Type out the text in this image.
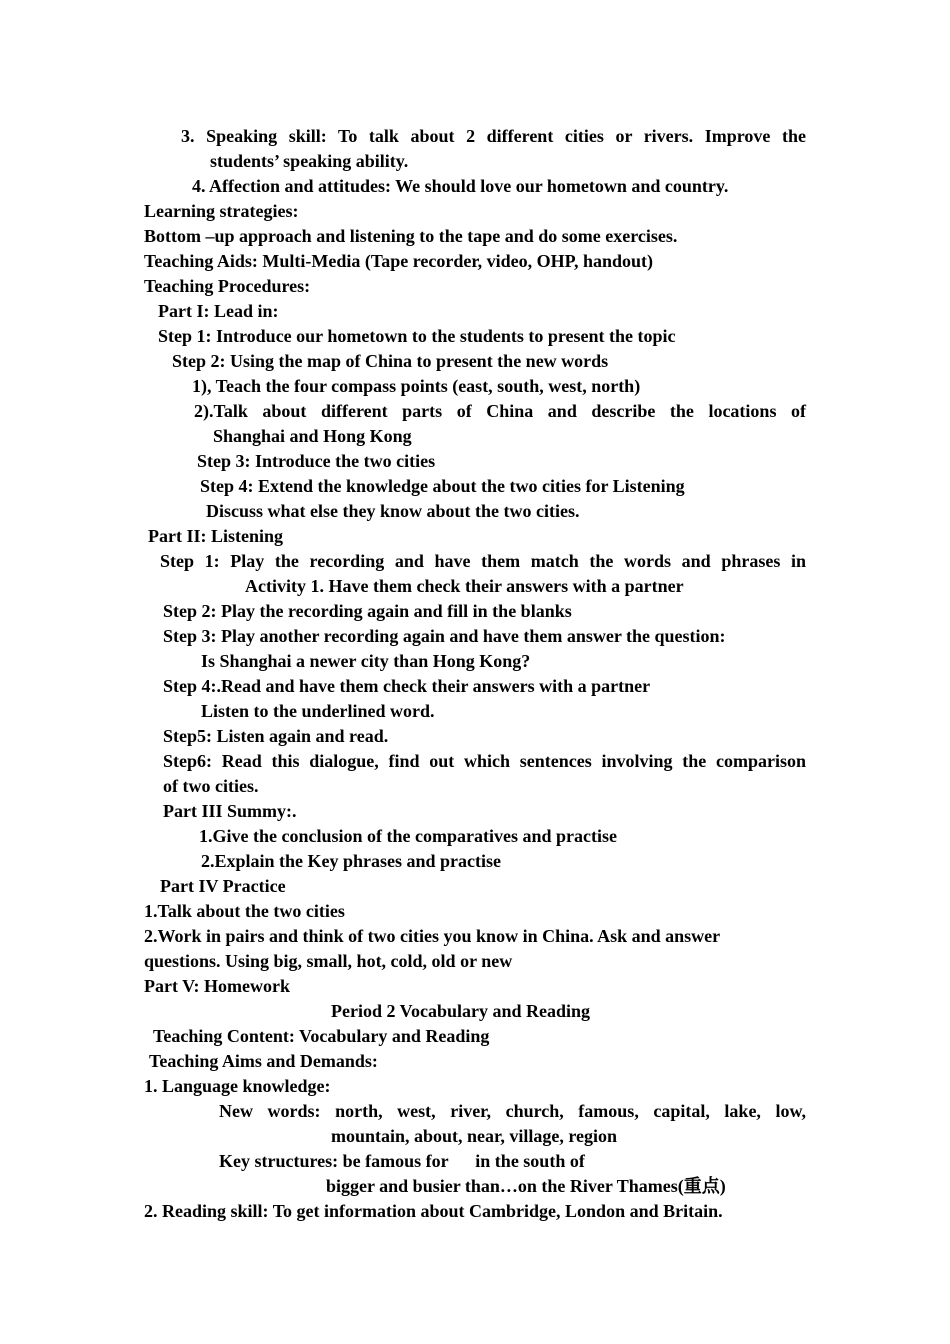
3. Speaking skill: To talk about 2 different cities or rivers. Improve the
students’ speaking ability.
4. Affection and attitudes: We should love our hometown and country.
Learning strategies:
Bottom –up approach and listening to the tape and do some exercises.
Teaching Aids: Multi-Media (Tape recorder, video, OHP, handout)
Teaching Procedures:
Part I: Lead in:
Step 1: Introduce our hometown to the students to present the topic
Step 2: Using the map of China to present the new words
1), Teach the four compass points (east, south, west, north)
2).Talk about different parts of China and describe the locations of
Shanghai and Hong Kong
Step 3: Introduce the two cities
Step 4: Extend the knowledge about the two cities for Listening
Discuss what else they know about the two cities.
Part II: Listening
Step 1: Play the recording and have them match the words and phrases in
Activity 1. Have them check their answers with a partner
Step 2: Play the recording again and fill in the blanks
Step 3: Play another recording again and have them answer the question:
Is Shanghai a newer city than Hong Kong?
Step 4:.Read and have them check their answers with a partner
Listen to the underlined word.
Step5: Listen again and read.
Step6: Read this dialogue, find out which sentences involving the comparison
of two cities.
Part III Summy:.
1.Give the conclusion of the comparatives and practise
2.Explain the Key phrases and practise
Part IV Practice
1.Talk about the two cities
2.Work in pairs and think of two cities you know in China. Ask and answer
questions. Using big, small, hot, cold, old or new
Part V: Homework
Period 2 Vocabulary and Reading
Teaching Content: Vocabulary and Reading
Teaching Aims and Demands:
1. Language knowledge:
New words: north, west, river, church, famous, capital, lake, low,
mountain, about, near, village, region
Key structures: be famous for      in the south of
bigger and busier than…on the River Thames(重点)
2. Reading skill: To get information about Cambridge, London and Britain.
